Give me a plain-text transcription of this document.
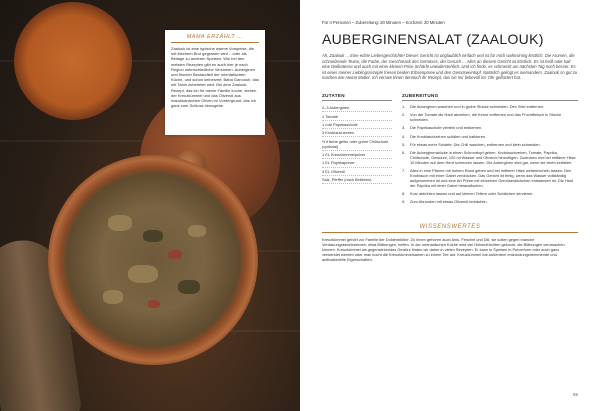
MAMA ERZÄHLT ...
Zaalouk ist eine typische warme Vorspeise, die mit frischem Brot gegessen wird – oder als Beilage zu anderen Speisen. Wie bei den meisten Rezepten gibt es auch hier je nach Region unterschiedliche Versionen. Auberginen und frischer Bestandteil der orientalischen Küche, und schon seinerzeit: Baba Ganoush, das mit Tahin zubereitet wird. Bei dem Zaalouk-Rezept, das ich für meine Familie koche, stehen der Kreuzkümmel und das Olivenöl aus marokkanischen Oliven im Vordergrund, das ich ganz zum Schluss hinzugebe.
Für 4 Personen – Zubereitung: 20 Minuten – Kochzeit: 20 Minuten
AUBERGINENSALAT (ZAALOUK)
Ah, Zaalouk ... Eine echte Liebesgeschichte! Dieses Gericht ist unglaublich einfach und ist für mich wahnsinnig köstlich. Die Aromen, die schmelzende Textur, die Farbe, der Geschmack des Gemüses, der Geruch ... Alles an diesem Gericht ist köstlich. Es ist heiß oder kalt eine Delikatesse und auch mit einer kleinen Prise Schärfe unwiderstehlich. Und ich finde, es schmeckt am nächsten Tag noch besser. Es ist eines meiner Lieblingsrezepte frieren beiden Erbsenpüree und den Gemüseeintopf. Natürlich gelingt es niemandem, Zaalouk so gut zu machen wie meine Mutter. Ich verrate Ihnen dennoch ihr Rezept, das sie mir liebevoll ins Ohr geflüstert hat.
ZUTATEN
2–3 Auberginen
1 Tomate
1 rote Paprikaschote
3 Knoblauchzehen
½ frische gelbe oder grüne Chilischote (optional)
1 EL Kreuzkümmelpulver
1 EL Paprikapulver
3 EL Olivenöl
Salz, Pfeffer (nach Belieben)
ZUBEREITUNG
1.	Die Auberginen waschen und in grobe Stücke schneiden. Den Stiel entfernen.
2.	Von der Tomate die Haut abziehen, die Kerne entfernen und das Fruchtfleisch in Stücke schneiden.
3.	Die Paprikaschote vierteln und entkernen.
4.	Die Knoblauchzehen schälen und halbieren.
5.	Für etwas mehr Schärfe: Die Chili waschen, entkernen und klein schneiden.
6.	Die Auberginenstücke in einen Schmortopf geben. Knoblauchzehen, Tomate, Paprika, Chilischote, Gewürze, 120 ml Wasser und Olivenöl hinzufügen. Zudecken und bei mittlerer Hitze 10 Minuten auf dem Herd schmoren lassen. Die Auberginen sind gar, wenn sie leicht zerfallen.
7.	Alles in eine Pfanne mit hohem Rand geben und bei mittlerer Hitze weiterköcheln lassen. Den Knoblauch mit einer Gabel zerdrücken. Das Gericht ist fertig, wenn das Wasser vollständig aufgenommen ist und eine Art Püree mit einzelnen Gemüsestückchen entstanden ist. Die Haut der Paprika mit einer Gabel herausfischen.
8.	Kurz abkühlen lassen und auf kleinen Tellern oder Schälchen servieren.
9.	Zum Abrunden mit etwas Olivenöl beträufeln.
WISSENSWERTES
Kreuzkümmel gehört zur Familie der Doldenblütler. Zu ihnen gehören auch Anis, Fenchel und Dill, sie sollen gegen manche Verdauungsbeschwerden, etwa Blähungen, helfen. In der orientalischen Küche wird viel Hülsenfrüchten gekocht, die Blähungen verursachen können. Kreuzkümmel als gegenwirkendes Gewürz finden wir daher in vielen Rezepten. Er kann in Speisen in Pulverform oder auch ganz verwendet werden oder man kocht die Kreuzkümmelsamen zu einem Tee auf. Kreuzkümmel hat außerdem entzündungshemmende und antibakterielle Eigenschaften.
55
